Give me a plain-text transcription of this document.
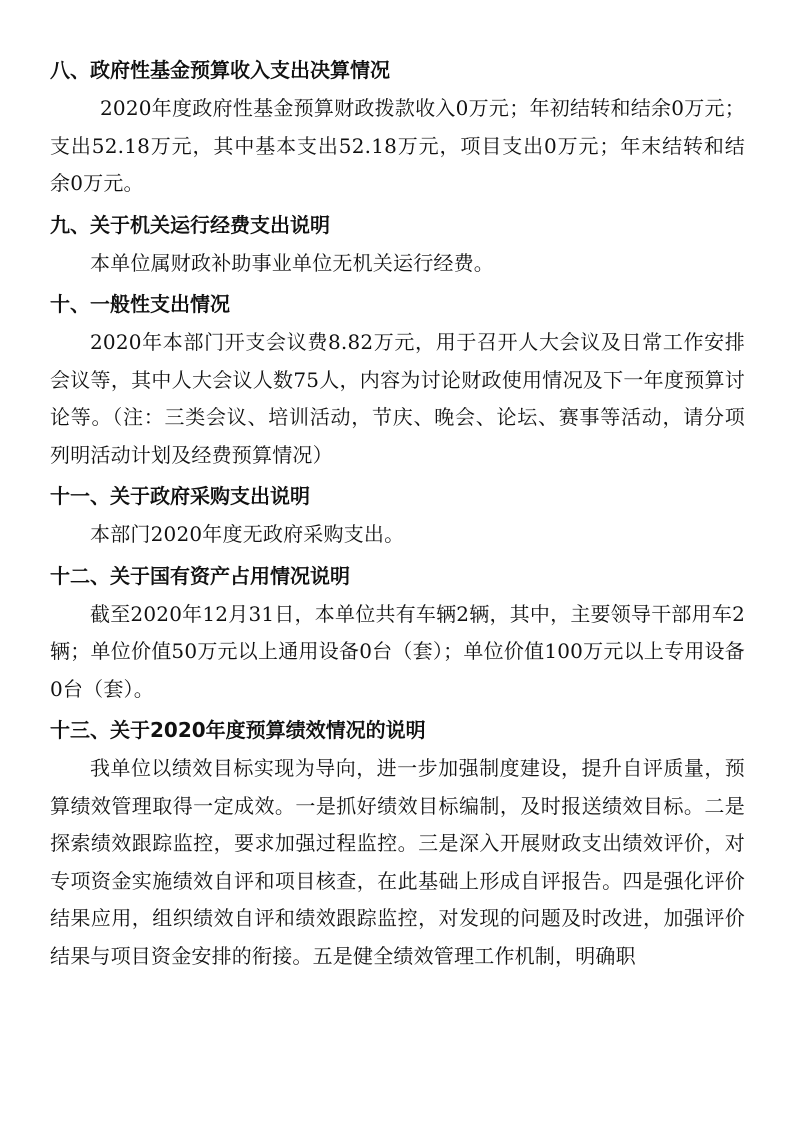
八、政府性基金预算收入支出决算情况

2020年度政府性基金预算财政拨款收入0万元；年初结转和结余0万元；支出52.18万元，其中基本支出52.18万元，项目支出0万元；年末结转和结余0万元。

九、关于机关运行经费支出说明

本单位属财政补助事业单位无机关运行经费。

十、一般性支出情况

2020年本部门开支会议费8.82万元，用于召开人大会议及日常工作安排会议等，其中人大会议人数75人，内容为讨论财政使用情况及下一年度预算讨论等。（注：三类会议、培训活动，节庆、晚会、论坛、赛事等活动，请分项列明活动计划及经费预算情况）

十一、关于政府采购支出说明

本部门2020年度无政府采购支出。

十二、关于国有资产占用情况说明

截至2020年12月31日，本单位共有车辆2辆，其中，主要领导干部用车2辆；单位价值50万元以上通用设备0台（套）；单位价值100万元以上专用设备0台（套）。

十三、关于2020年度预算绩效情况的说明

我单位以绩效目标实现为导向，进一步加强制度建设，提升自评质量，预算绩效管理取得一定成效。一是抓好绩效目标编制，及时报送绩效目标。二是探索绩效跟踪监控，要求加强过程监控。三是深入开展财政支出绩效评价，对专项资金实施绩效自评和项目核查，在此基础上形成自评报告。四是强化评价结果应用，组织绩效自评和绩效跟踪监控，对发现的问题及时改进，加强评价结果与项目资金安排的衔接。五是健全绩效管理工作机制，明确职
